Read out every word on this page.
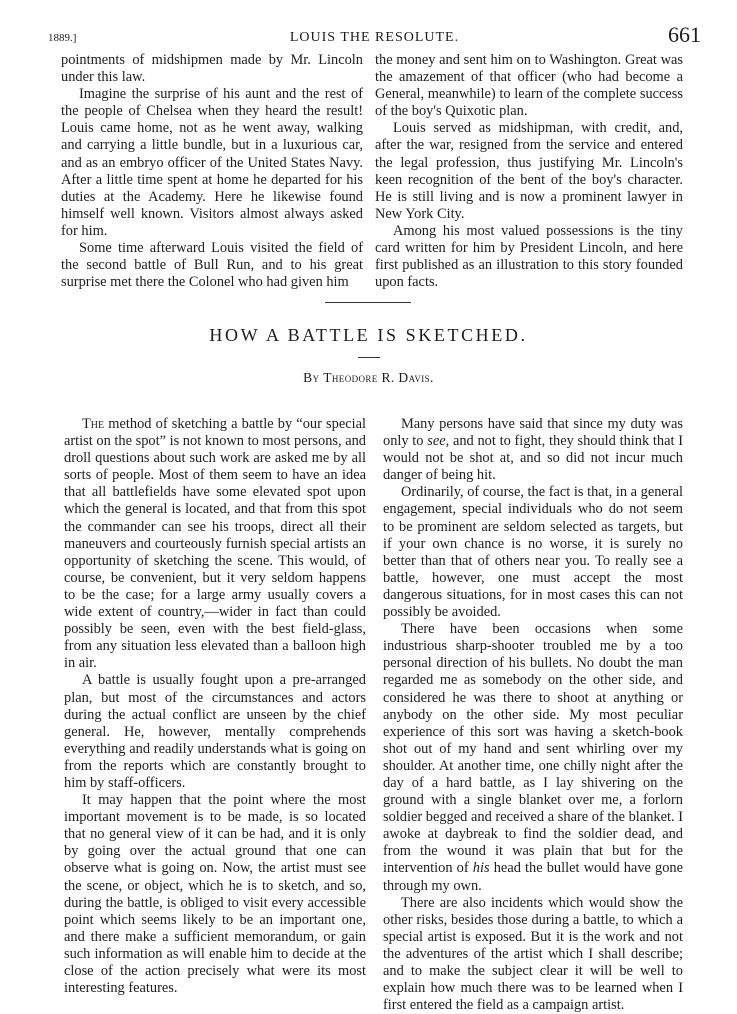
1889.]	LOUIS THE RESOLUTE.	661

pointments of midshipmen made by Mr. Lincoln under this law.

Imagine the surprise of his aunt and the rest of the people of Chelsea when they heard the result! Louis came home, not as he went away, walking and carrying a little bundle, but in a luxurious car, and as an embryo officer of the United States Navy. After a little time spent at home he departed for his duties at the Academy. Here he likewise found himself well known. Visitors almost always asked for him.

Some time afterward Louis visited the field of the second battle of Bull Run, and to his great surprise met there the Colonel who had given him

the money and sent him on to Washington. Great was the amazement of that officer (who had become a General, meanwhile) to learn of the complete success of the boy's Quixotic plan.

Louis served as midshipman, with credit, and, after the war, resigned from the service and entered the legal profession, thus justifying Mr. Lincoln's keen recognition of the bent of the boy's character. He is still living and is now a prominent lawyer in New York City.

Among his most valued possessions is the tiny card written for him by President Lincoln, and here first published as an illustration to this story founded upon facts.

HOW A BATTLE IS SKETCHED.
By Theodore R. Davis.

The method of sketching a battle by “our special artist on the spot” is not known to most persons, and droll questions about such work are asked me by all sorts of people. Most of them seem to have an idea that all battlefields have some elevated spot upon which the general is located, and that from this spot the commander can see his troops, direct all their maneuvers and courteously furnish special artists an opportunity of sketching the scene. This would, of course, be convenient, but it very seldom happens to be the case; for a large army usually covers a wide extent of country,—wider in fact than could possibly be seen, even with the best field-glass, from any situation less elevated than a balloon high in air.

A battle is usually fought upon a pre-arranged plan, but most of the circumstances and actors during the actual conflict are unseen by the chief general. He, however, mentally comprehends everything and readily understands what is going on from the reports which are constantly brought to him by staff-officers.

It may happen that the point where the most important movement is to be made, is so located that no general view of it can be had, and it is only by going over the actual ground that one can observe what is going on. Now, the artist must see the scene, or object, which he is to sketch, and so, during the battle, is obliged to visit every accessible point which seems likely to be an important one, and there make a sufficient memorandum, or gain such information as will enable him to decide at the close of the action precisely what were its most interesting features.

Many persons have said that since my duty was only to see, and not to fight, they should think that I would not be shot at, and so did not incur much danger of being hit.

Ordinarily, of course, the fact is that, in a general engagement, special individuals who do not seem to be prominent are seldom selected as targets, but if your own chance is no worse, it is surely no better than that of others near you. To really see a battle, however, one must accept the most dangerous situations, for in most cases this can not possibly be avoided.

There have been occasions when some industrious sharp-shooter troubled me by a too personal direction of his bullets. No doubt the man regarded me as somebody on the other side, and considered he was there to shoot at anything or anybody on the other side. My most peculiar experience of this sort was having a sketch-book shot out of my hand and sent whirling over my shoulder. At another time, one chilly night after the day of a hard battle, as I lay shivering on the ground with a single blanket over me, a forlorn soldier begged and received a share of the blanket. I awoke at daybreak to find the soldier dead, and from the wound it was plain that but for the intervention of his head the bullet would have gone through my own.

There are also incidents which would show the other risks, besides those during a battle, to which a special artist is exposed. But it is the work and not the adventures of the artist which I shall describe; and to make the subject clear it will be well to explain how much there was to be learned when I first entered the field as a campaign artist.
